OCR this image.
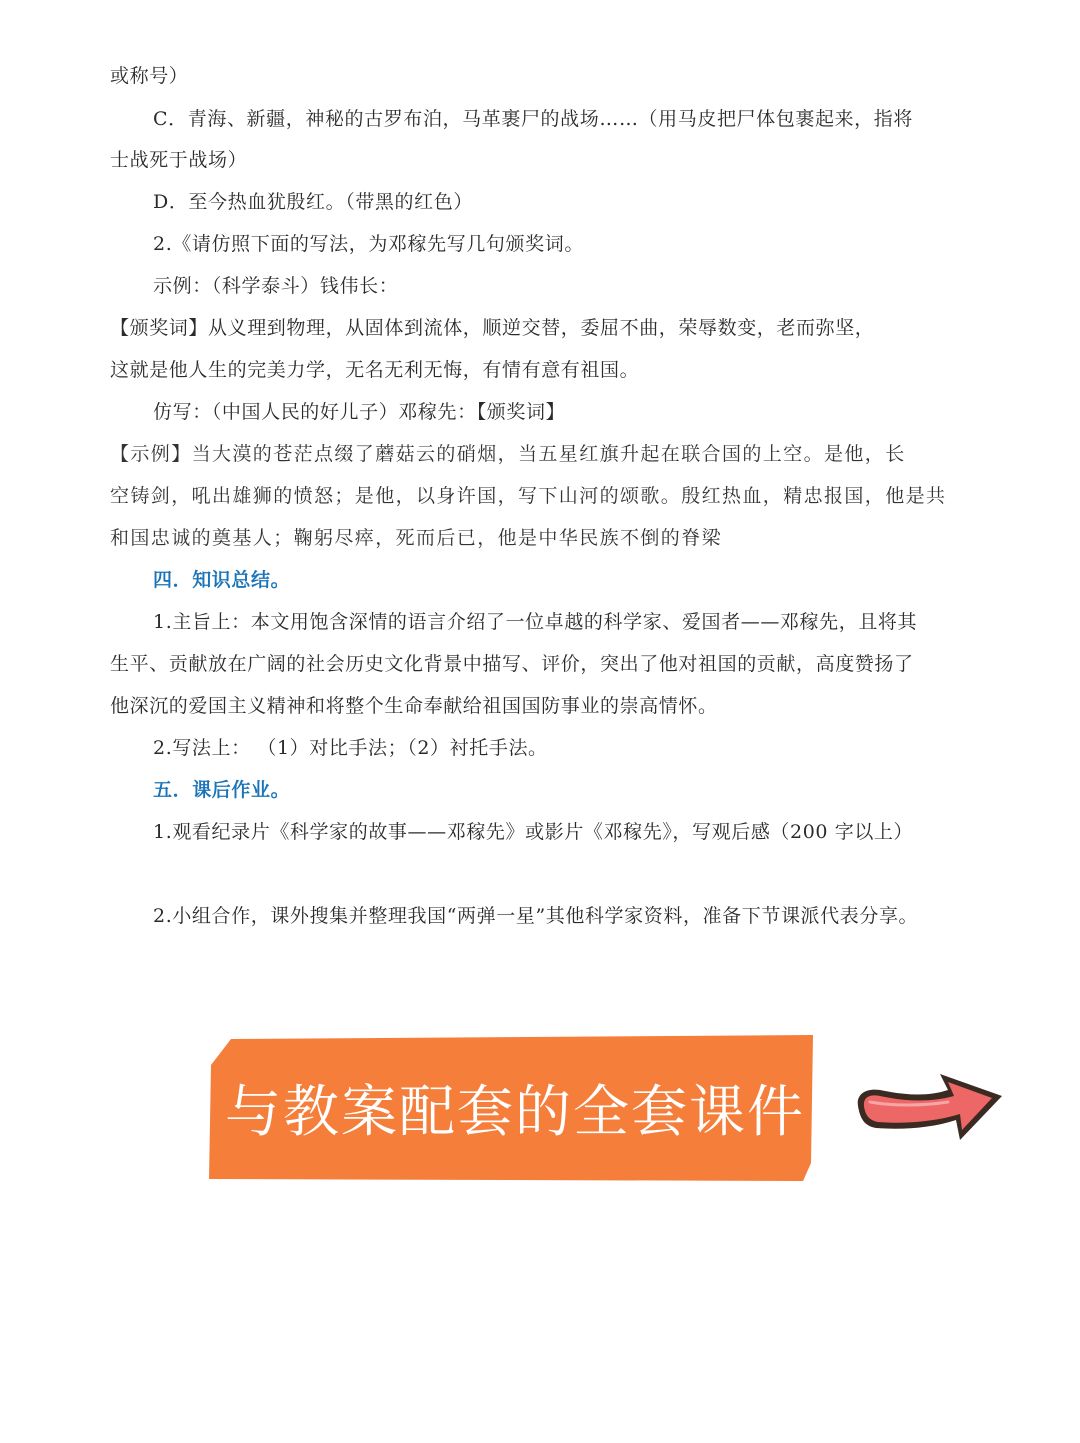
或称号）
C．青海、新疆，神秘的古罗布泊，马革裹尸的战场……（用马皮把尸体包裹起来，指将
士战死于战场）
D．至今热血犹殷红。（带黑的红色）
2.《请仿照下面的写法，为邓稼先写几句颁奖词。
示例：（科学泰斗）钱伟长：
【颁奖词】从义理到物理，从固体到流体，顺逆交替，委屈不曲，荣辱数变，老而弥坚，
这就是他人生的完美力学，无名无利无悔，有情有意有祖国。
仿写：（中国人民的好儿子）邓稼先：【颁奖词】
【示例】当大漠的苍茫点缀了蘑菇云的硝烟，当五星红旗升起在联合国的上空。是他，长
空铸剑，吼出雄狮的愤怒；是他，以身许国，写下山河的颂歌。殷红热血，精忠报国，他是共
和国忠诚的奠基人；鞠躬尽瘁，死而后已，他是中华民族不倒的脊梁
四．知识总结。
1.主旨上：本文用饱含深情的语言介绍了一位卓越的科学家、爱国者——邓稼先，且将其
生平、贡献放在广阔的社会历史文化背景中描写、评价，突出了他对祖国的贡献，高度赞扬了
他深沉的爱国主义精神和将整个生命奉献给祖国国防事业的崇高情怀。
2.写法上： （1）对比手法；（2）衬托手法。
五．课后作业。
1.观看纪录片《科学家的故事——邓稼先》或影片《邓稼先》，写观后感（200 字以上）
2.小组合作，课外搜集并整理我国“两弹一星”其他科学家资料，准备下节课派代表分享。
与教案配套的全套课件
